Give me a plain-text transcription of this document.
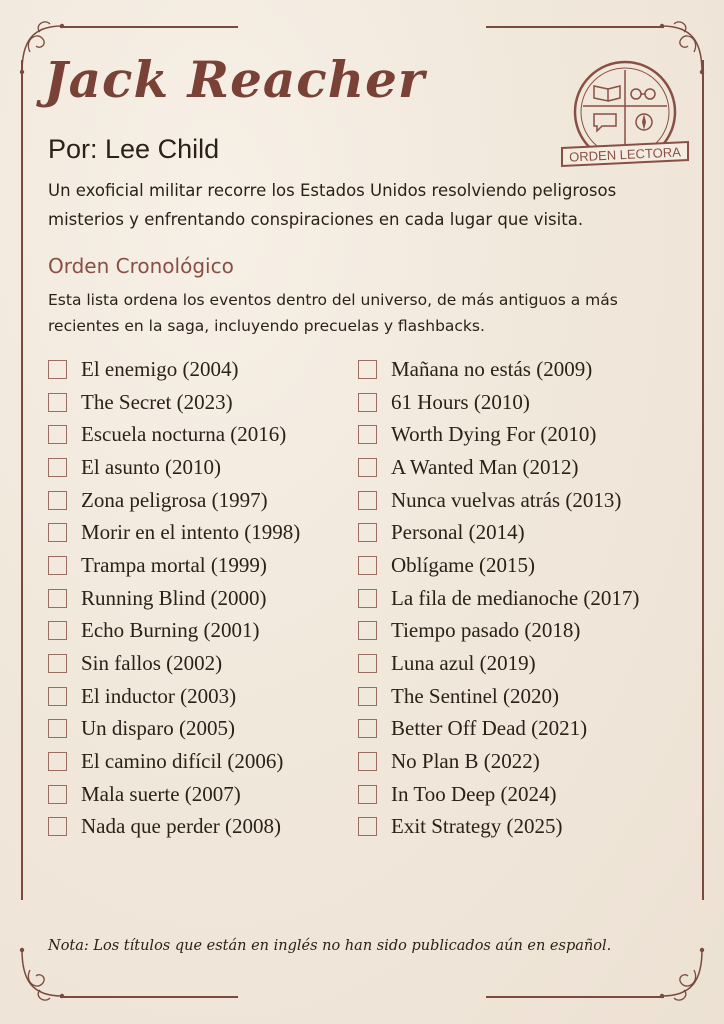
Jack Reacher
Por: Lee Child
Un exoficial militar recorre los Estados Unidos resolviendo peligrosos misterios y enfrentando conspiraciones en cada lugar que visita.
ORDEN LECTORA
Orden Cronológico
Esta lista ordena los eventos dentro del universo, de más antiguos a más recientes en la saga, incluyendo precuelas y flashbacks.
El enemigo (2004)
The Secret (2023)
Escuela nocturna (2016)
El asunto (2010)
Zona peligrosa (1997)
Morir en el intento (1998)
Trampa mortal (1999)
Running Blind (2000)
Echo Burning (2001)
Sin fallos (2002)
El inductor (2003)
Un disparo (2005)
El camino difícil (2006)
Mala suerte (2007)
Nada que perder (2008)
Mañana no estás (2009)
61 Hours (2010)
Worth Dying For (2010)
A Wanted Man (2012)
Nunca vuelvas atrás (2013)
Personal (2014)
Oblígame (2015)
La fila de medianoche (2017)
Tiempo pasado (2018)
Luna azul (2019)
The Sentinel (2020)
Better Off Dead (2021)
No Plan B (2022)
In Too Deep (2024)
Exit Strategy (2025)
Nota: Los títulos que están en inglés no han sido publicados aún en español.
